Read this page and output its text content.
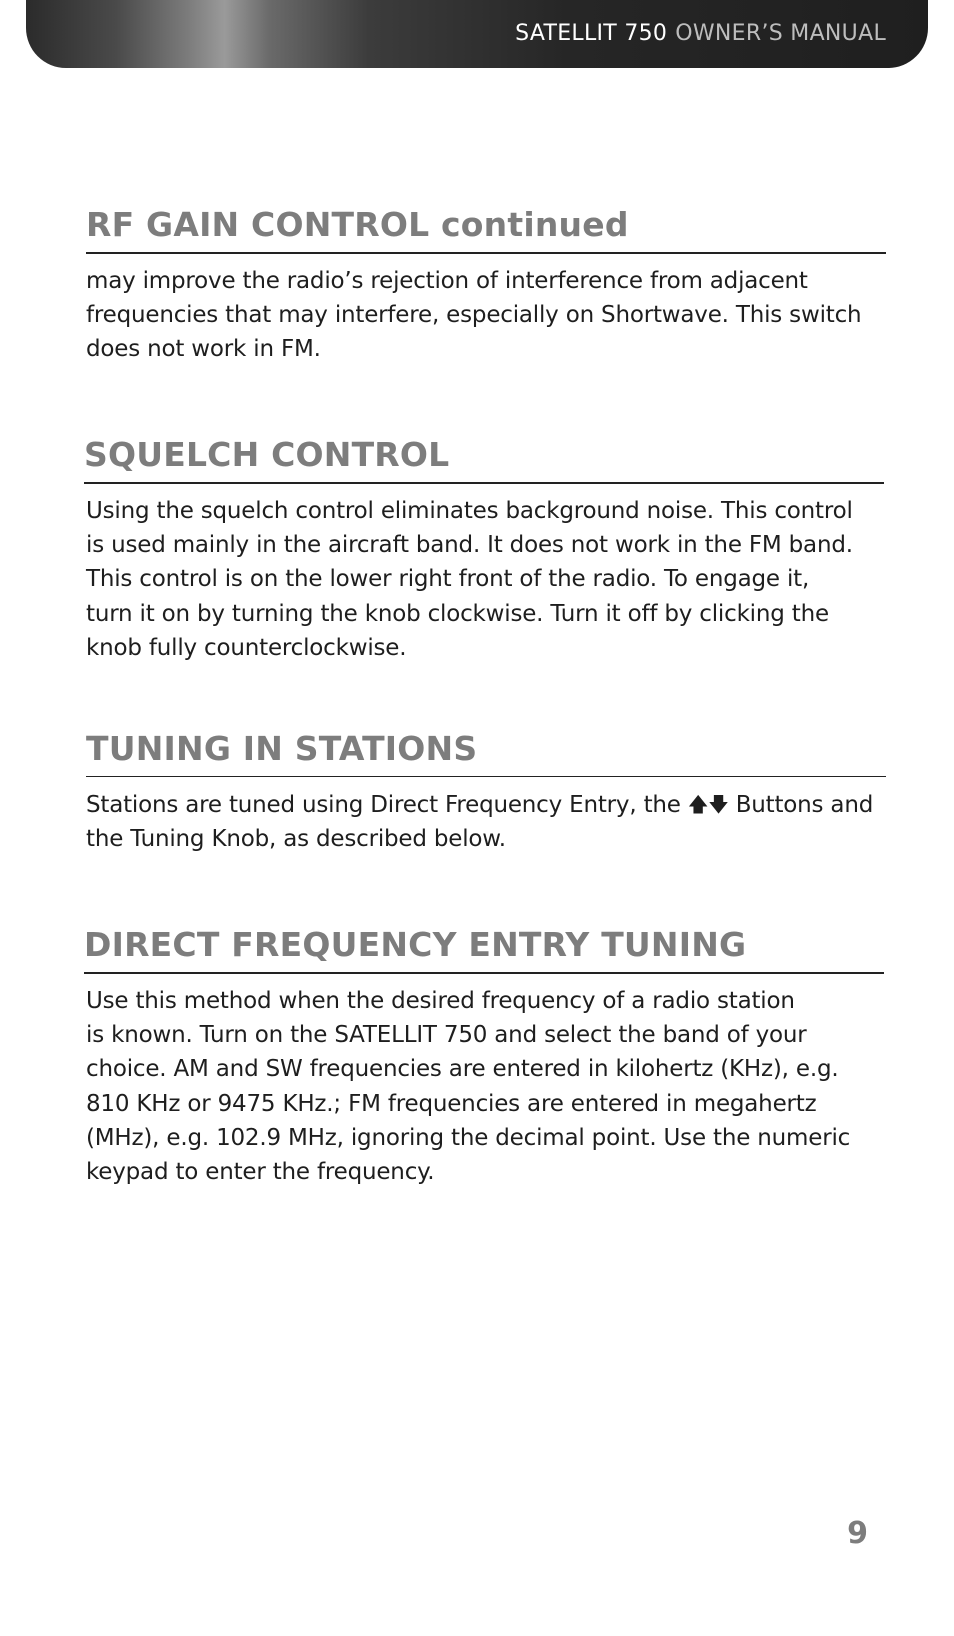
SATELLIT 750 OWNER’S MANUAL
RF GAIN CONTROL continued

may improve the radio’s rejection of interference from adjacent
frequencies that may interfere, especially on Shortwave. This switch
does not work in FM.

SQUELCH CONTROL

Using the squelch control eliminates background noise. This control
is used mainly in the aircraft band. It does not work in the FM band.
This control is on the lower right front of the radio. To engage it,
turn it on by turning the knob clockwise. Turn it off by clicking the
knob fully counterclockwise.

TUNING IN STATIONS

Stations are tuned using Direct Frequency Entry, the 🡅🡇 Buttons and
the Tuning Knob, as described below.

DIRECT FREQUENCY ENTRY TUNING

Use this method when the desired frequency of a radio station
is known. Turn on the SATELLIT 750 and select the band of your
choice. AM and SW frequencies are entered in kilohertz (KHz), e.g.
810 KHz or 9475 KHz.; FM frequencies are entered in megahertz
(MHz), e.g. 102.9 MHz, ignoring the decimal point. Use the numeric
keypad to enter the frequency.

9
